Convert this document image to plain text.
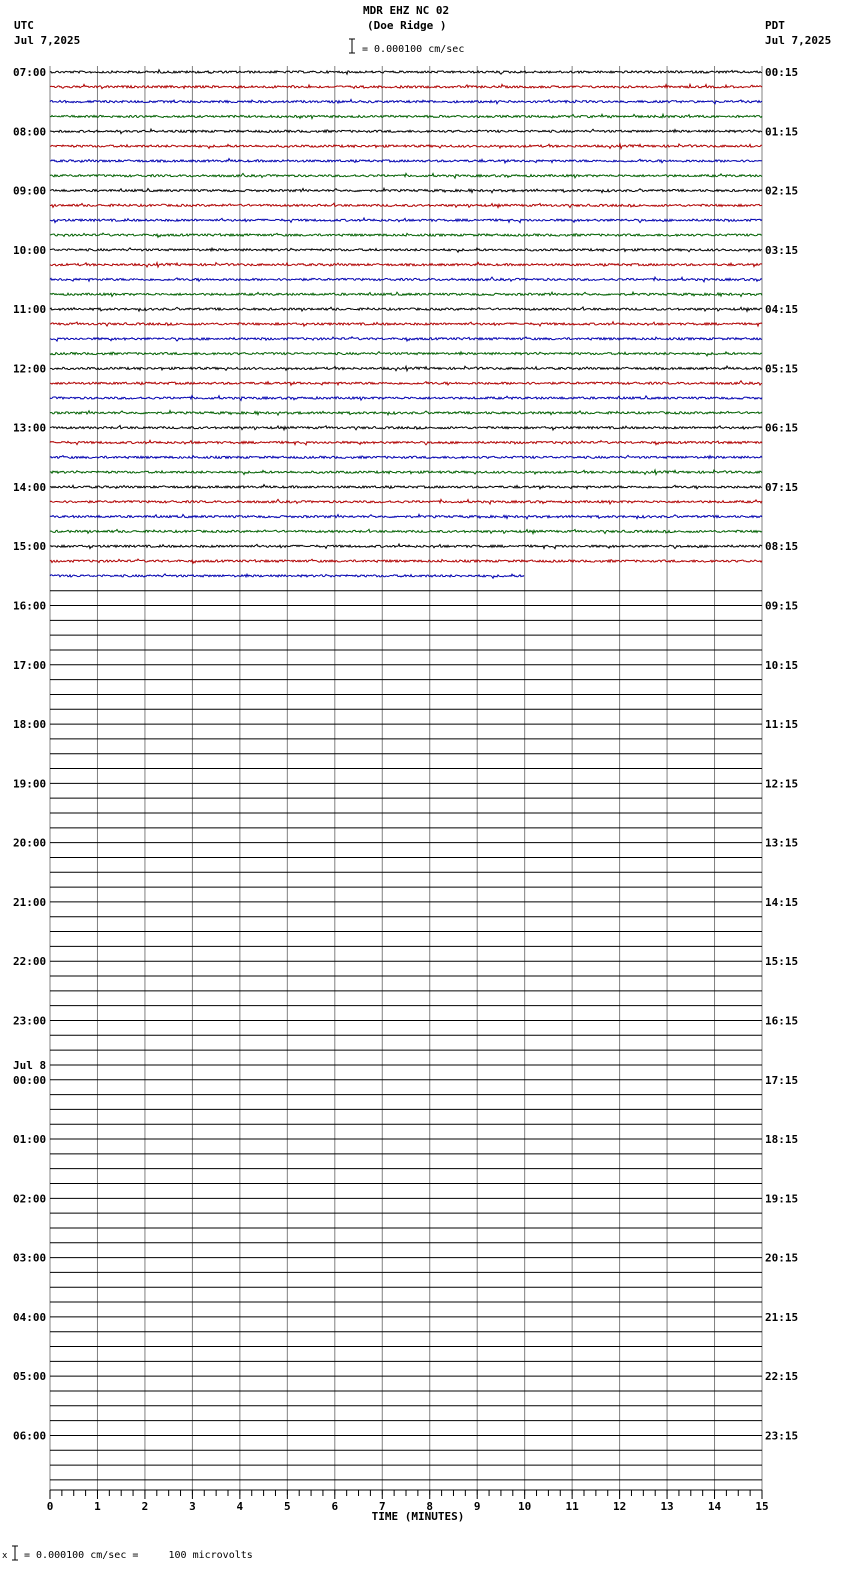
MDR EHZ NC 02
(Doe Ridge )
UTC
Jul 7,2025
PDT
Jul 7,2025
= 0.000100 cm/sec
07:00
08:00
09:00
10:00
11:00
12:00
13:00
14:00
15:00
16:00
17:00
18:00
19:00
20:00
21:00
22:00
23:00
00:00
01:00
02:00
03:00
04:00
05:00
06:00
00:15
01:15
02:15
03:15
04:15
05:15
06:15
07:15
08:15
09:15
10:15
11:15
12:15
13:15
14:15
15:15
16:15
17:15
18:15
19:15
20:15
21:15
22:15
23:15
Jul 8
0	1	2	3	4	5	6	7	8	9	10	11	12	13	14	15
TIME (MINUTES)
x = 0.000100 cm/sec =     100 microvolts
